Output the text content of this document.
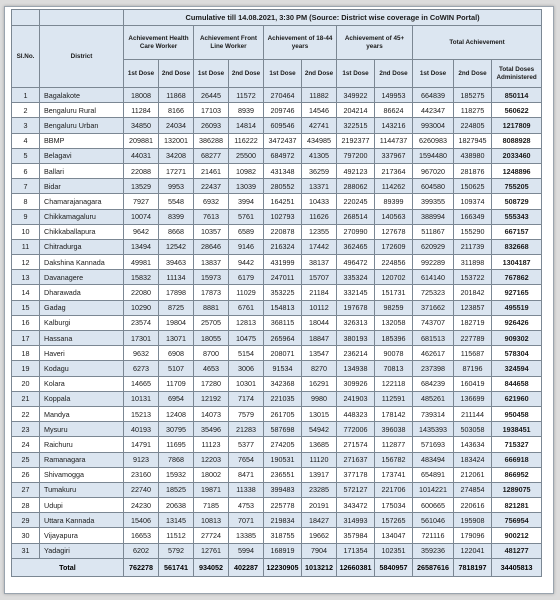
		Cumulative till 14.08.2021, 3:30 PM (Source: District wise coverage in CoWIN Portal)										
Sl.No.	District	Achievement Health Care Worker		Achievement Front Line Worker		Achievement of 18-44 years		Achievement of 45+ years		Total Achievement		
		1st Dose	2nd Dose	1st Dose	2nd Dose	1st Dose	2nd Dose	1st Dose	2nd Dose	1st Dose	2nd Dose	Total Doses Administered
1	Bagalakote	18008	11868	26445	11572	270464	11882	349922	149953	664839	185275	850114
2	Bengaluru Rural	11284	8166	17103	8939	209746	14546	204214	86624	442347	118275	560622
3	Bengaluru Urban	34850	24034	26093	14814	609546	42741	322515	143216	993004	224805	1217809
4	BBMP	209881	132001	386288	116222	3472437	434985	2192377	1144737	6260983	1827945	8088928
5	Belagavi	44031	34208	68277	25500	684972	41305	797200	337967	1594480	438980	2033460
6	Ballari	22088	17271	21461	10982	431348	36259	492123	217364	967020	281876	1248896
7	Bidar	13529	9953	22437	13039	280552	13371	288062	114262	604580	150625	755205
8	Chamarajanagara	7927	5548	6932	3994	164251	10433	220245	89399	399355	109374	508729
9	Chikkamagaluru	10074	8399	7613	5761	102793	11626	268514	140563	388994	166349	555343
10	Chikkaballapura	9642	8668	10357	6589	220878	12355	270990	127678	511867	155290	667157
11	Chitradurga	13494	12542	28646	9146	216324	17442	362465	172609	620929	211739	832668
12	Dakshina Kannada	49981	39463	13837	9442	431999	38137	496472	224856	992289	311898	1304187
13	Davanagere	15832	11134	15973	6179	247011	15707	335324	120702	614140	153722	767862
14	Dharawada	22080	17898	17873	11029	353225	21184	332145	151731	725323	201842	927165
15	Gadag	10290	8725	8881	6761	154813	10112	197678	98259	371662	123857	495519
16	Kalburgi	23574	19804	25705	12813	368115	18044	326313	132058	743707	182719	926426
17	Hassana	17301	13071	18055	10475	265964	18847	380193	185396	681513	227789	909302
18	Haveri	9632	6908	8700	5154	208071	13547	236214	90078	462617	115687	578304
19	Kodagu	6273	5107	4653	3006	91534	8270	134938	70813	237398	87196	324594
20	Kolara	14665	11709	17280	10301	342368	16291	309926	122118	684239	160419	844658
21	Koppala	10131	6954	12192	7174	221035	9980	241903	112591	485261	136699	621960
22	Mandya	15213	12408	14073	7579	261705	13015	448323	178142	739314	211144	950458
23	Mysuru	40193	30795	35496	21283	587698	54942	772006	396038	1435393	503058	1938451
24	Raichuru	14791	11695	11123	5377	274205	13685	271574	112877	571693	143634	715327
25	Ramanagara	9123	7868	12203	7654	190531	11120	271637	156782	483494	183424	666918
26	Shivamogga	23160	15932	18002	8471	236551	13917	377178	173741	654891	212061	866952
27	Tumakuru	22740	18525	19871	11338	399483	23285	572127	221706	1014221	274854	1289075
28	Udupi	24230	20638	7185	4753	225778	20191	343472	175034	600665	220616	821281
29	Uttara Kannada	15406	13145	10813	7071	219834	18427	314993	157265	561046	195908	756954
30	Vijayapura	16653	11512	27724	13385	318755	19662	357984	134047	721116	179096	900212
31	Yadagiri	6202	5792	12761	5994	168919	7904	171354	102351	359236	122041	481277
Total		762278	561741	934052	402287	12230905	1013212	12660381	5840957	26587616	7818197	34405813
